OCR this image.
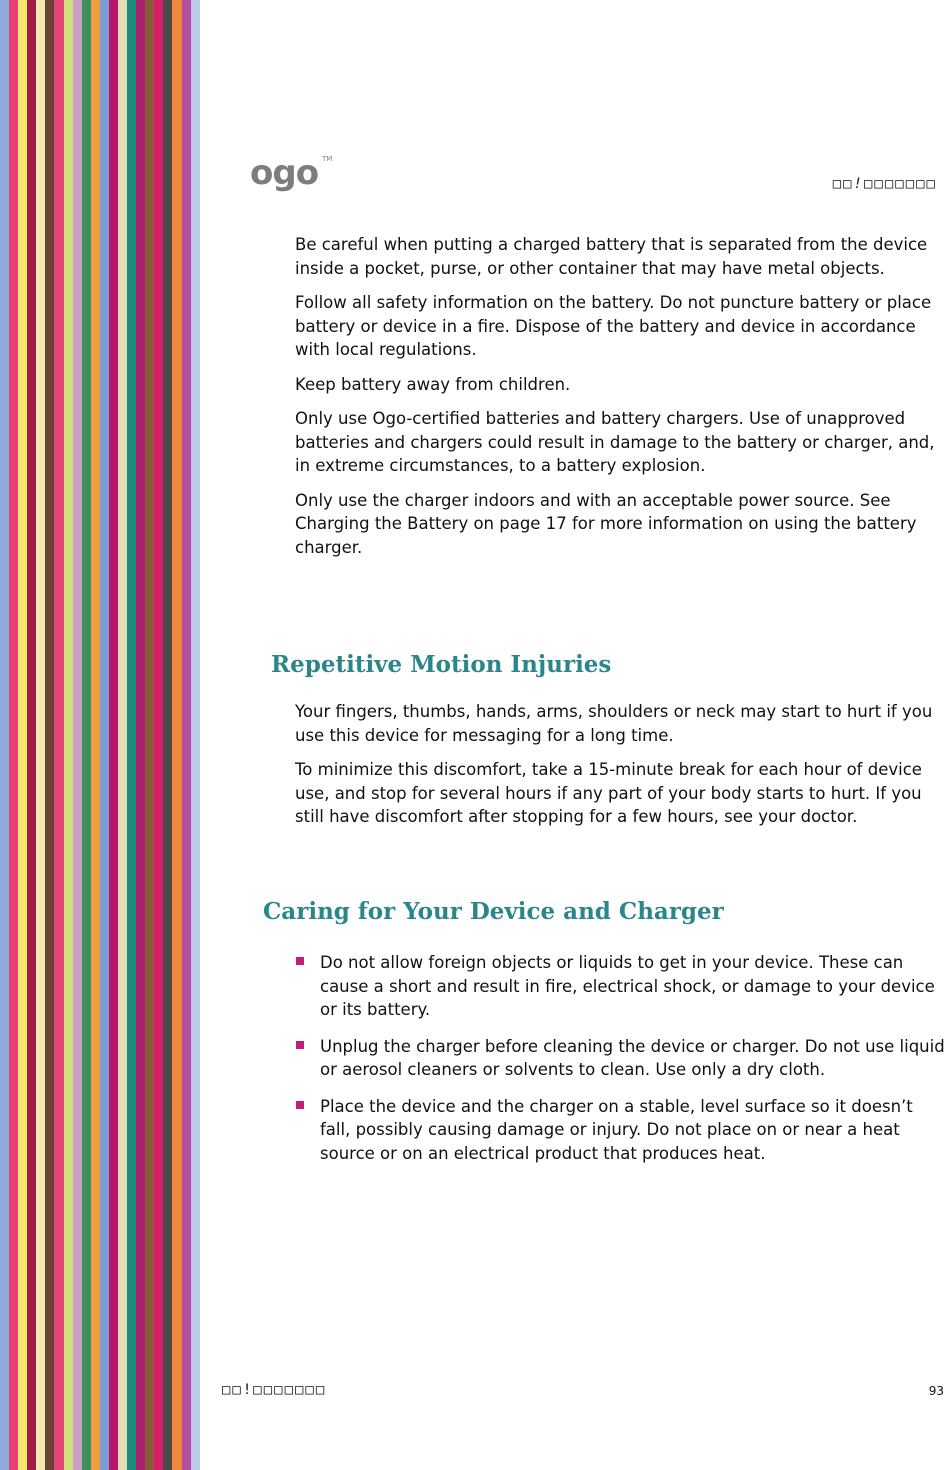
ogo TM
□□!□□□□□□□

Be careful when putting a charged battery that is separated from the device inside a pocket, purse, or other container that may have metal objects.

Follow all safety information on the battery. Do not puncture battery or place battery or device in a fire. Dispose of the battery and device in accordance with local regulations.

Keep battery away from children.

Only use Ogo-certified batteries and battery chargers. Use of unapproved batteries and chargers could result in damage to the battery or charger, and, in extreme circumstances, to a battery explosion.

Only use the charger indoors and with an acceptable power source. See Charging the Battery on page 17 for more information on using the battery charger.

Repetitive Motion Injuries

Your fingers, thumbs, hands, arms, shoulders or neck may start to hurt if you use this device for messaging for a long time.

To minimize this discomfort, take a 15-minute break for each hour of device use, and stop for several hours if any part of your body starts to hurt. If you still have discomfort after stopping for a few hours, see your doctor.

Caring for Your Device and Charger
Do not allow foreign objects or liquids to get in your device. These can cause a short and result in fire, electrical shock, or damage to your device or its battery.
Unplug the charger before cleaning the device or charger. Do not use liquid or aerosol cleaners or solvents to clean. Use only a dry cloth.
Place the device and the charger on a stable, level surface so it doesn’t fall, possibly causing damage or injury. Do not place on or near a heat source or on an electrical product that produces heat.
□□!□□□□□□□	93
